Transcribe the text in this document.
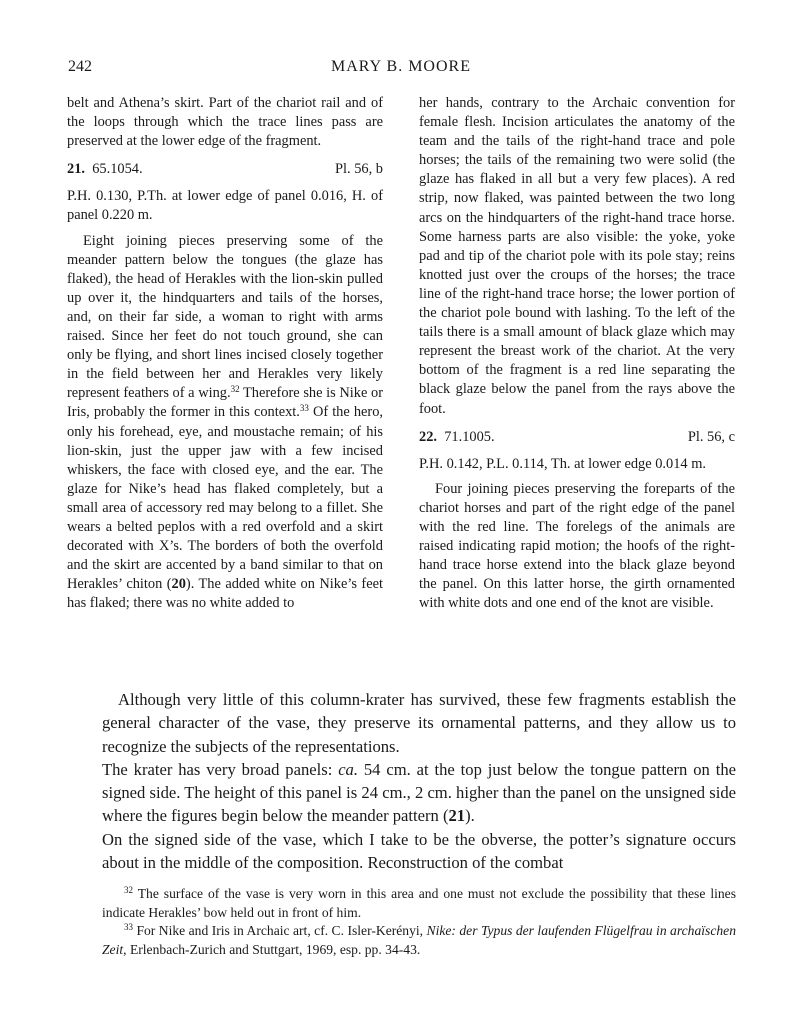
242	MARY B. MOORE

belt and Athena’s skirt. Part of the chariot rail and of the loops through which the trace lines pass are preserved at the lower edge of the fragment.

21. 65.1054.	Pl. 56, b

P.H. 0.130, P.Th. at lower edge of panel 0.016, H. of panel 0.220 m.

Eight joining pieces preserving some of the meander pattern below the tongues (the glaze has flaked), the head of Herakles with the lion-skin pulled up over it, the hindquarters and tails of the horses, and, on their far side, a woman to right with arms raised. Since her feet do not touch ground, she can only be flying, and short lines incised closely together in the field between her and Herakles very likely represent feathers of a wing.$^{32}$ Therefore she is Nike or Iris, probably the former in this context.$^{33}$ Of the hero, only his forehead, eye, and moustache remain; of his lion-skin, just the upper jaw with a few incised whiskers, the face with closed eye, and the ear. The glaze for Nike’s head has flaked completely, but a small area of accessory red may belong to a fillet. She wears a belted peplos with a red overfold and a skirt decorated with X’s. The borders of both the overfold and the skirt are accented by a band similar to that on Herakles’ chiton (20). The added white on Nike’s feet has flaked; there was no white added to

her hands, contrary to the Archaic convention for female flesh. Incision articulates the anatomy of the team and the tails of the right-hand trace and pole horses; the tails of the remaining two were solid (the glaze has flaked in all but a very few places). A red strip, now flaked, was painted between the two long arcs on the hindquarters of the right-hand trace horse. Some harness parts are also visible: the yoke, yoke pad and tip of the chariot pole with its pole stay; reins knotted just over the croups of the horses; the trace line of the right-hand trace horse; the lower portion of the chariot pole bound with lashing. To the left of the tails there is a small amount of black glaze which may represent the breast work of the chariot. At the very bottom of the fragment is a red line separating the black glaze below the panel from the rays above the foot.

22. 71.1005.	Pl. 56, c

P.H. 0.142, P.L. 0.114, Th. at lower edge 0.014 m.

Four joining pieces preserving the foreparts of the chariot horses and part of the right edge of the panel with the red line. The forelegs of the animals are raised indicating rapid motion; the hoofs of the right-hand trace horse extend into the black glaze beyond the panel. On this latter horse, the girth ornamented with white dots and one end of the knot are visible.

Although very little of this column-krater has survived, these few fragments establish the general character of the vase, they preserve its ornamental patterns, and they allow us to recognize the subjects of the representations.

The krater has very broad panels: ca. 54 cm. at the top just below the tongue pattern on the signed side. The height of this panel is 24 cm., 2 cm. higher than the panel on the unsigned side where the figures begin below the meander pattern (21).

On the signed side of the vase, which I take to be the obverse, the potter’s signature occurs about in the middle of the composition. Reconstruction of the combat

$^{32}$ The surface of the vase is very worn in this area and one must not exclude the possibility that these lines indicate Herakles’ bow held out in front of him.

$^{33}$ For Nike and Iris in Archaic art, cf. C. Isler-Kerényi, Nike: der Typus der laufenden Flügelfrau in archaïschen Zeit, Erlenbach-Zurich and Stuttgart, 1969, esp. pp. 34-43.
